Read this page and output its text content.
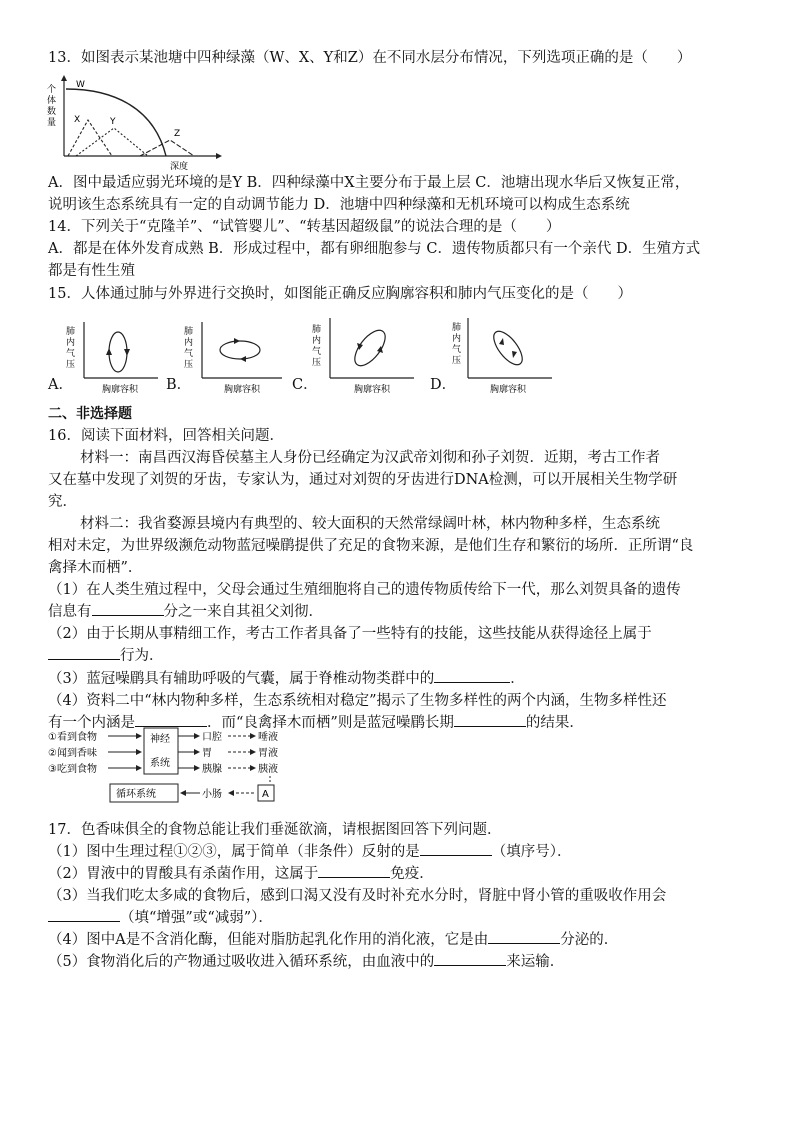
13．如图表示某池塘中四种绿藻（W、X、Y和Z）在不同水层分布情况，下列选项正确的是（　　）
个
体
数
量
W
X	Y
Z
深度
A．图中最适应弱光环境的是Y B．四种绿藻中X主要分布于最上层 C．池塘出现水华后又恢复正常，
说明该生态系统具有一定的自动调节能力 D．池塘中四种绿藻和无机环境可以构成生态系统
14．下列关于“克隆羊”、“试管婴儿”、“转基因超级鼠”的说法合理的是（　　）
A．都是在体外发育成熟 B．形成过程中，都有卵细胞参与 C．遗传物质都只有一个亲代 D．生殖方式
都是有性生殖
15．人体通过肺与外界进行交换时，如图能正确反应胸廓容积和肺内气压变化的是（　　）
A．
肺
内
气
压
胸廓容积 B．
肺
内
气
压
胸廓容积 C．
肺
内
气
压
胸廓容积	D．
肺
内
气
压
胸廓容积
二、非选择题
16．阅读下面材料，回答相关问题．
材料一：南昌西汉海昏侯墓主人身份已经确定为汉武帝刘彻和孙子刘贺．近期，考古工作者
又在墓中发现了刘贺的牙齿，专家认为，通过对刘贺的牙齿进行DNA检测，可以开展相关生物学研
究．
材料二：我省婺源县境内有典型的、较大面积的天然常绿阔叶林，林内物种多样，生态系统
相对未定，为世界级濒危动物蓝冠噪鹛提供了充足的食物来源，是他们生存和繁衍的场所．正所谓“良
禽择木而栖”．
（1）在人类生殖过程中，父母会通过生殖细胞将自己的遗传物质传给下一代，那么刘贺具备的遗传
信息有	分之一来自其祖父刘彻．
（2）由于长期从事精细工作，考古工作者具备了一些特有的技能，这些技能从获得途径上属于
行为．
（3）蓝冠噪鹛具有辅助呼吸的气囊，属于脊椎动物类群中的	．
（4）资料二中“林内物种多样，生态系统相对稳定”揭示了生物多样性的两个内涵，生物多样性还
有一个内涵是	．而“良禽择木而栖”则是蓝冠噪鹛长期	的结果．
①看到食物
②闻到香味
③吃到食物
神经
系统
口腔
胃
胰腺
唾液
胃液
胰液
循环系统	小肠	A
17．色香味俱全的食物总能让我们垂涎欲滴，请根据图回答下列问题．
（1）图中生理过程①②③，属于简单（非条件）反射的是	（填序号）．
（2）胃液中的胃酸具有杀菌作用，这属于	免疫．
（3）当我们吃太多咸的食物后，感到口渴又没有及时补充水分时，肾脏中肾小管的重吸收作用会
（填“增强”或“减弱”）．
（4）图中A是不含消化酶，但能对脂肪起乳化作用的消化液，它是由	分泌的．
（5）食物消化后的产物通过吸收进入循环系统，由血液中的	来运输．
